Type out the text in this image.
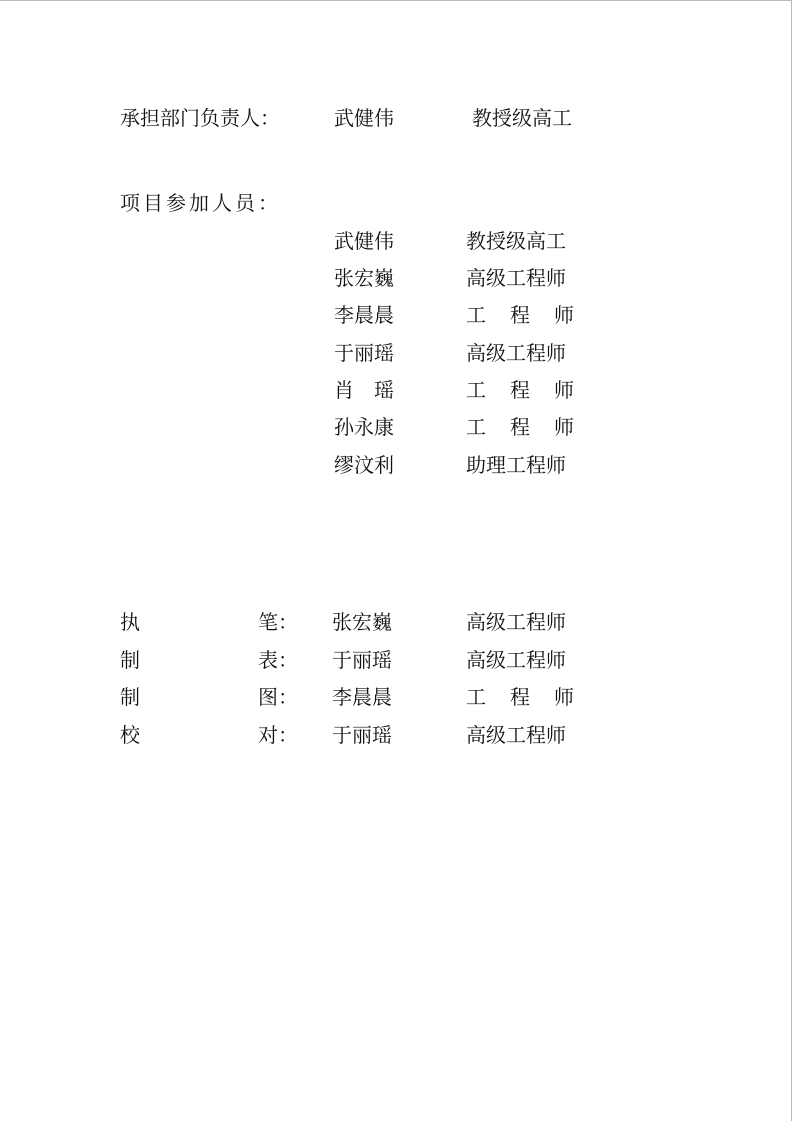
承担部门负责人：	武健伟	教授级高工
项目参加人员：
武健伟	教授级高工
张宏巍	高级工程师
李晨晨	工 程 师
于丽瑶	高级工程师
肖　瑶	工 程 师
孙永康	工 程 师
缪汶利	助理工程师
执	笔： 张宏巍	高级工程师
制	表： 于丽瑶	高级工程师
制	图： 李晨晨	工 程 师
校	对： 于丽瑶	高级工程师
